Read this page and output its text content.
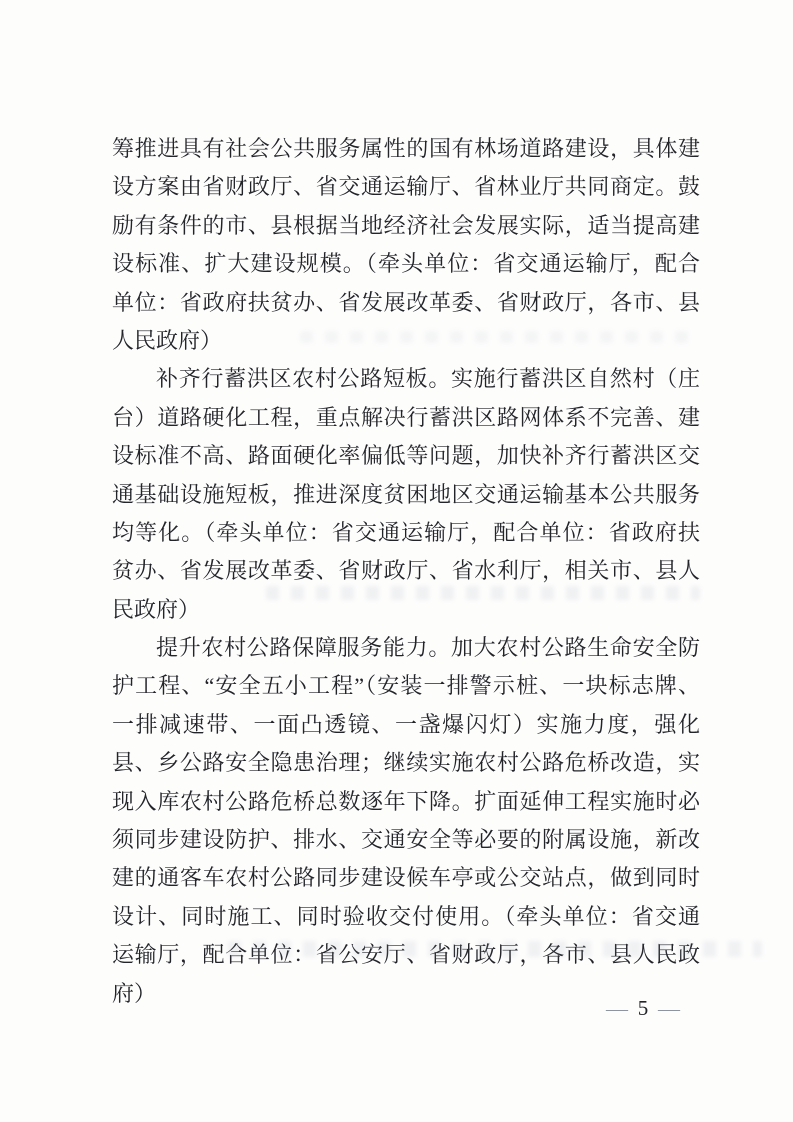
筹推进具有社会公共服务属性的国有林场道路建设，具体建
设方案由省财政厅、省交通运输厅、省林业厅共同商定。鼓
励有条件的市、县根据当地经济社会发展实际，适当提高建
设标准、扩大建设规模。（牵头单位：省交通运输厅，配合
单位：省政府扶贫办、省发展改革委、省财政厅，各市、县
人民政府）
补齐行蓄洪区农村公路短板。实施行蓄洪区自然村（庄
台）道路硬化工程，重点解决行蓄洪区路网体系不完善、建
设标准不高、路面硬化率偏低等问题，加快补齐行蓄洪区交
通基础设施短板，推进深度贫困地区交通运输基本公共服务
均等化。（牵头单位：省交通运输厅，配合单位：省政府扶
贫办、省发展改革委、省财政厅、省水利厅，相关市、县人
民政府）
提升农村公路保障服务能力。加大农村公路生命安全防
护工程、“安全五小工程”（安装一排警示桩、一块标志牌、
一排减速带、一面凸透镜、一盏爆闪灯）实施力度，强化
县、乡公路安全隐患治理；继续实施农村公路危桥改造，实
现入库农村公路危桥总数逐年下降。扩面延伸工程实施时必
须同步建设防护、排水、交通安全等必要的附属设施，新改
建的通客车农村公路同步建设候车亭或公交站点，做到同时
设计、同时施工、同时验收交付使用。（牵头单位：省交通
运输厅，配合单位：省公安厅、省财政厅，各市、县人民政
府）
— 5 —
